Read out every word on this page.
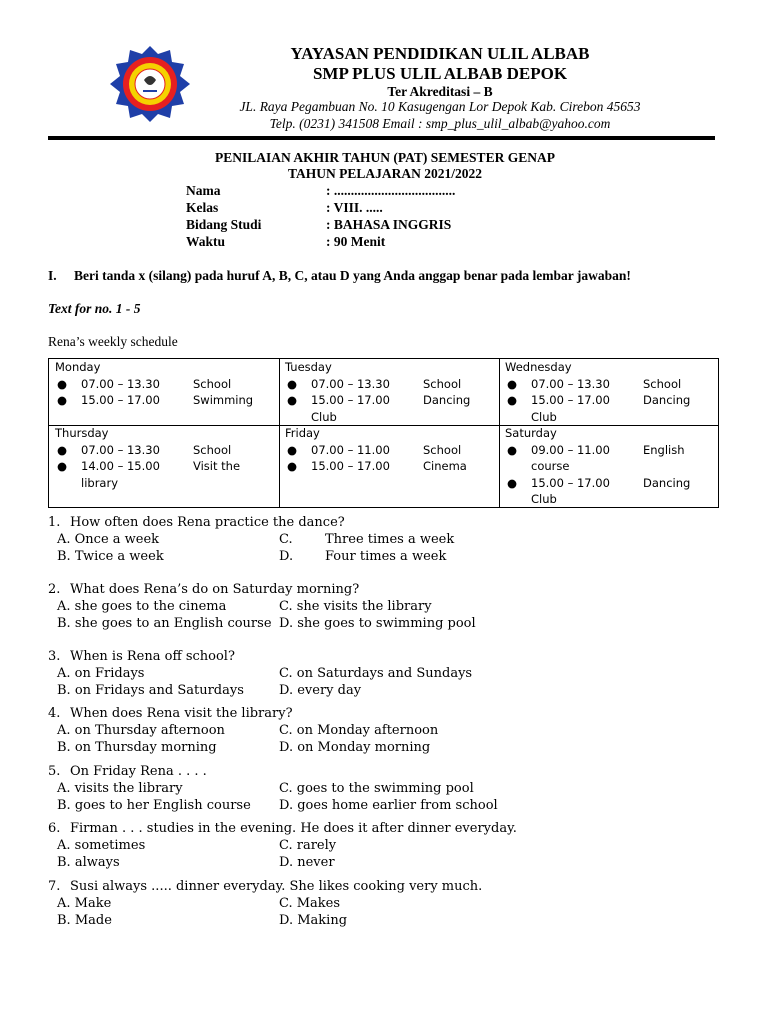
YAYASAN PENDIDIKAN ULIL ALBAB
SMP PLUS ULIL ALBAB DEPOK
Ter Akreditasi – B
JL. Raya Pegambuan No. 10 Kasugengan Lor Depok Kab. Cirebon 45653
Telp. (0231) 341508 Email : smp_plus_ulil_albab@yahoo.com
PENILAIAN AKHIR TAHUN (PAT) SEMESTER GENAP
TAHUN PELAJARAN 2021/2022
Nama	: ....................................
Kelas	: VIII. .....
Bidang Studi	: BAHASA INGGRIS
Waktu	: 90 Menit
I. Beri tanda x (silang) pada huruf A, B, C, atau D yang Anda anggap benar pada lembar jawaban!
Text for no. 1 - 5
Rena’s weekly schedule
Monday
● 07.00 – 13.30	School
● 15.00 – 17.00	Swimming
Tuesday
● 07.00 – 13.30	School
● 15.00 – 17.00	Dancing
Club
Wednesday
● 07.00 – 13.30	School
● 15.00 – 17.00	Dancing
Club
Thursday
● 07.00 – 13.30	School
● 14.00 – 15.00	Visit the
library
Friday
● 07.00 – 11.00	School
● 15.00 – 17.00	Cinema
Saturday
● 09.00 – 11.00	English
course
● 15.00 – 17.00	Dancing
Club
1. How often does Rena practice the dance?
A. Once a week
B. Twice a week
C. Three times a week
D. Four times a week
2. What does Rena’s do on Saturday morning?
A. she goes to the cinema
B. she goes to an English course
C. she visits the library
D. she goes to swimming pool
3. When is Rena off school?
A. on Fridays
B. on Fridays and Saturdays
C. on Saturdays and Sundays
D. every day
4. When does Rena visit the library?
A. on Thursday afternoon
B. on Thursday morning
C. on Monday afternoon
D. on Monday morning
5. On Friday Rena . . . .
A. visits the library
B. goes to her English course
C. goes to the swimming pool
D. goes home earlier from school
6. Firman . . . studies in the evening. He does it after dinner everyday.
A. sometimes
B. always
C. rarely
D. never
7. Susi always ..... dinner everyday. She likes cooking very much.
A. Make
B. Made
C. Makes
D. Making
